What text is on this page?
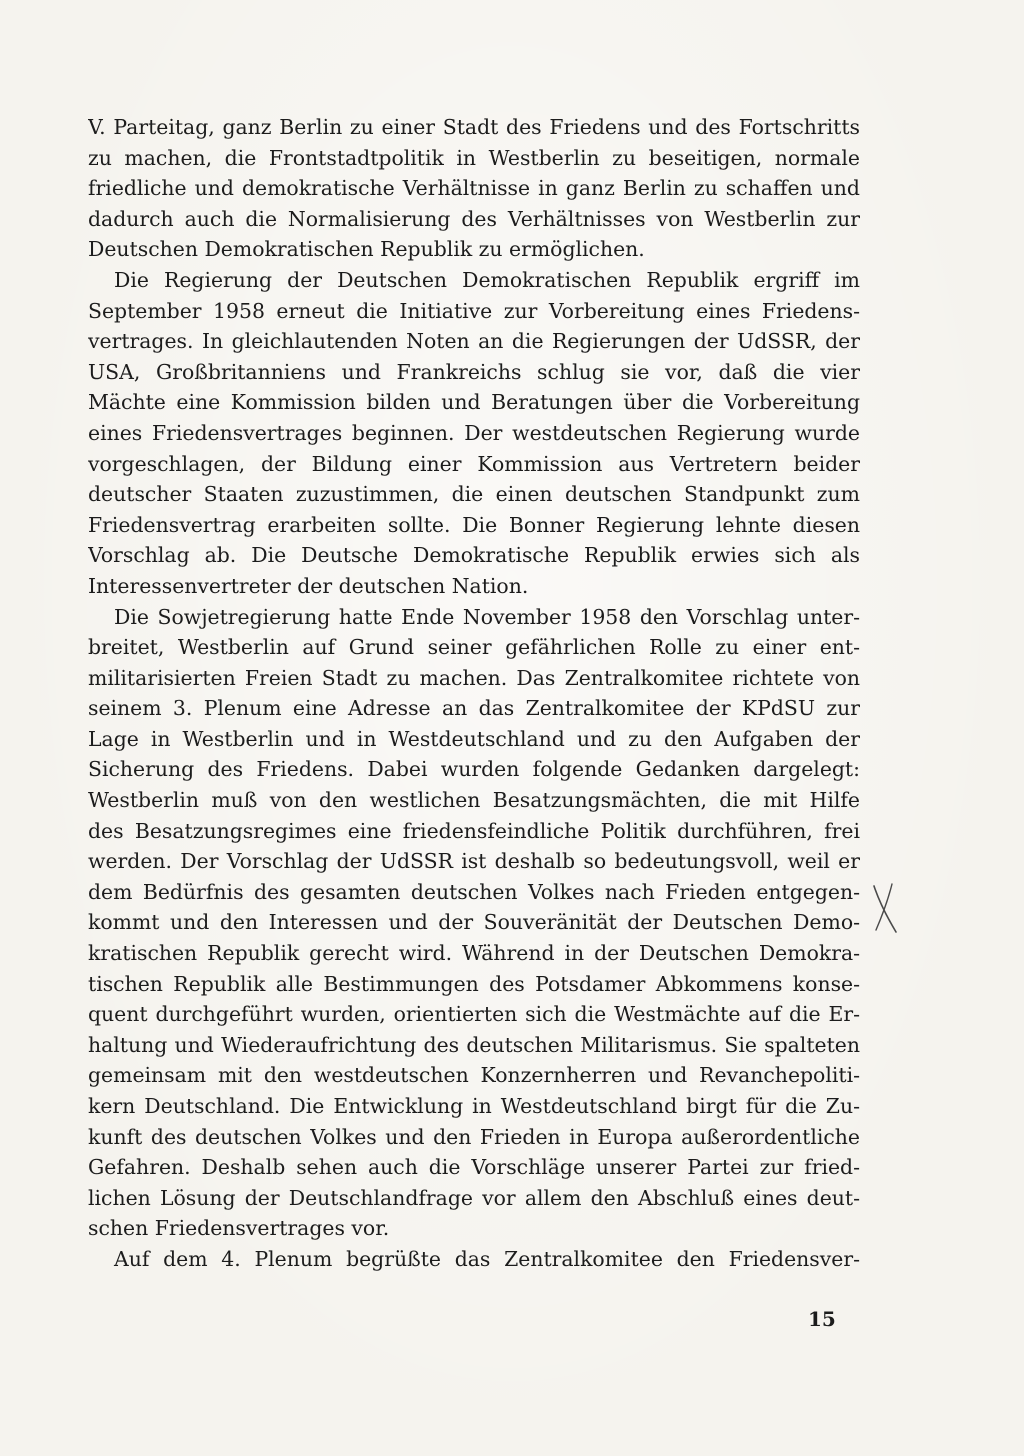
V. Parteitag, ganz Berlin zu einer Stadt des Friedens und des Fortschritts
zu machen, die Frontstadtpolitik in Westberlin zu beseitigen, normale
friedliche und demokratische Verhältnisse in ganz Berlin zu schaffen und
dadurch auch die Normalisierung des Verhältnisses von Westberlin zur
Deutschen Demokratischen Republik zu ermöglichen.
Die Regierung der Deutschen Demokratischen Republik ergriff im
September 1958 erneut die Initiative zur Vorbereitung eines Friedens-
vertrages. In gleichlautenden Noten an die Regierungen der UdSSR, der
USA, Großbritanniens und Frankreichs schlug sie vor, daß die vier
Mächte eine Kommission bilden und Beratungen über die Vorbereitung
eines Friedensvertrages beginnen. Der westdeutschen Regierung wurde
vorgeschlagen, der Bildung einer Kommission aus Vertretern beider
deutscher Staaten zuzustimmen, die einen deutschen Standpunkt zum
Friedensvertrag erarbeiten sollte. Die Bonner Regierung lehnte diesen
Vorschlag ab. Die Deutsche Demokratische Republik erwies sich als
Interessenvertreter der deutschen Nation.
Die Sowjetregierung hatte Ende November 1958 den Vorschlag unter-
breitet, Westberlin auf Grund seiner gefährlichen Rolle zu einer ent-
militarisierten Freien Stadt zu machen. Das Zentralkomitee richtete von
seinem 3. Plenum eine Adresse an das Zentralkomitee der KPdSU zur
Lage in Westberlin und in Westdeutschland und zu den Aufgaben der
Sicherung des Friedens. Dabei wurden folgende Gedanken dargelegt:
Westberlin muß von den westlichen Besatzungsmächten, die mit Hilfe
des Besatzungsregimes eine friedensfeindliche Politik durchführen, frei
werden. Der Vorschlag der UdSSR ist deshalb so bedeutungsvoll, weil er
dem Bedürfnis des gesamten deutschen Volkes nach Frieden entgegen-
kommt und den Interessen und der Souveränität der Deutschen Demo-
kratischen Republik gerecht wird. Während in der Deutschen Demokra-
tischen Republik alle Bestimmungen des Potsdamer Abkommens konse-
quent durchgeführt wurden, orientierten sich die Westmächte auf die Er-
haltung und Wiederaufrichtung des deutschen Militarismus. Sie spalteten
gemeinsam mit den westdeutschen Konzernherren und Revanchepoliti-
kern Deutschland. Die Entwicklung in Westdeutschland birgt für die Zu-
kunft des deutschen Volkes und den Frieden in Europa außerordentliche
Gefahren. Deshalb sehen auch die Vorschläge unserer Partei zur fried-
lichen Lösung der Deutschlandfrage vor allem den Abschluß eines deut-
schen Friedensvertrages vor.
Auf dem 4. Plenum begrüßte das Zentralkomitee den Friedensver-
15
